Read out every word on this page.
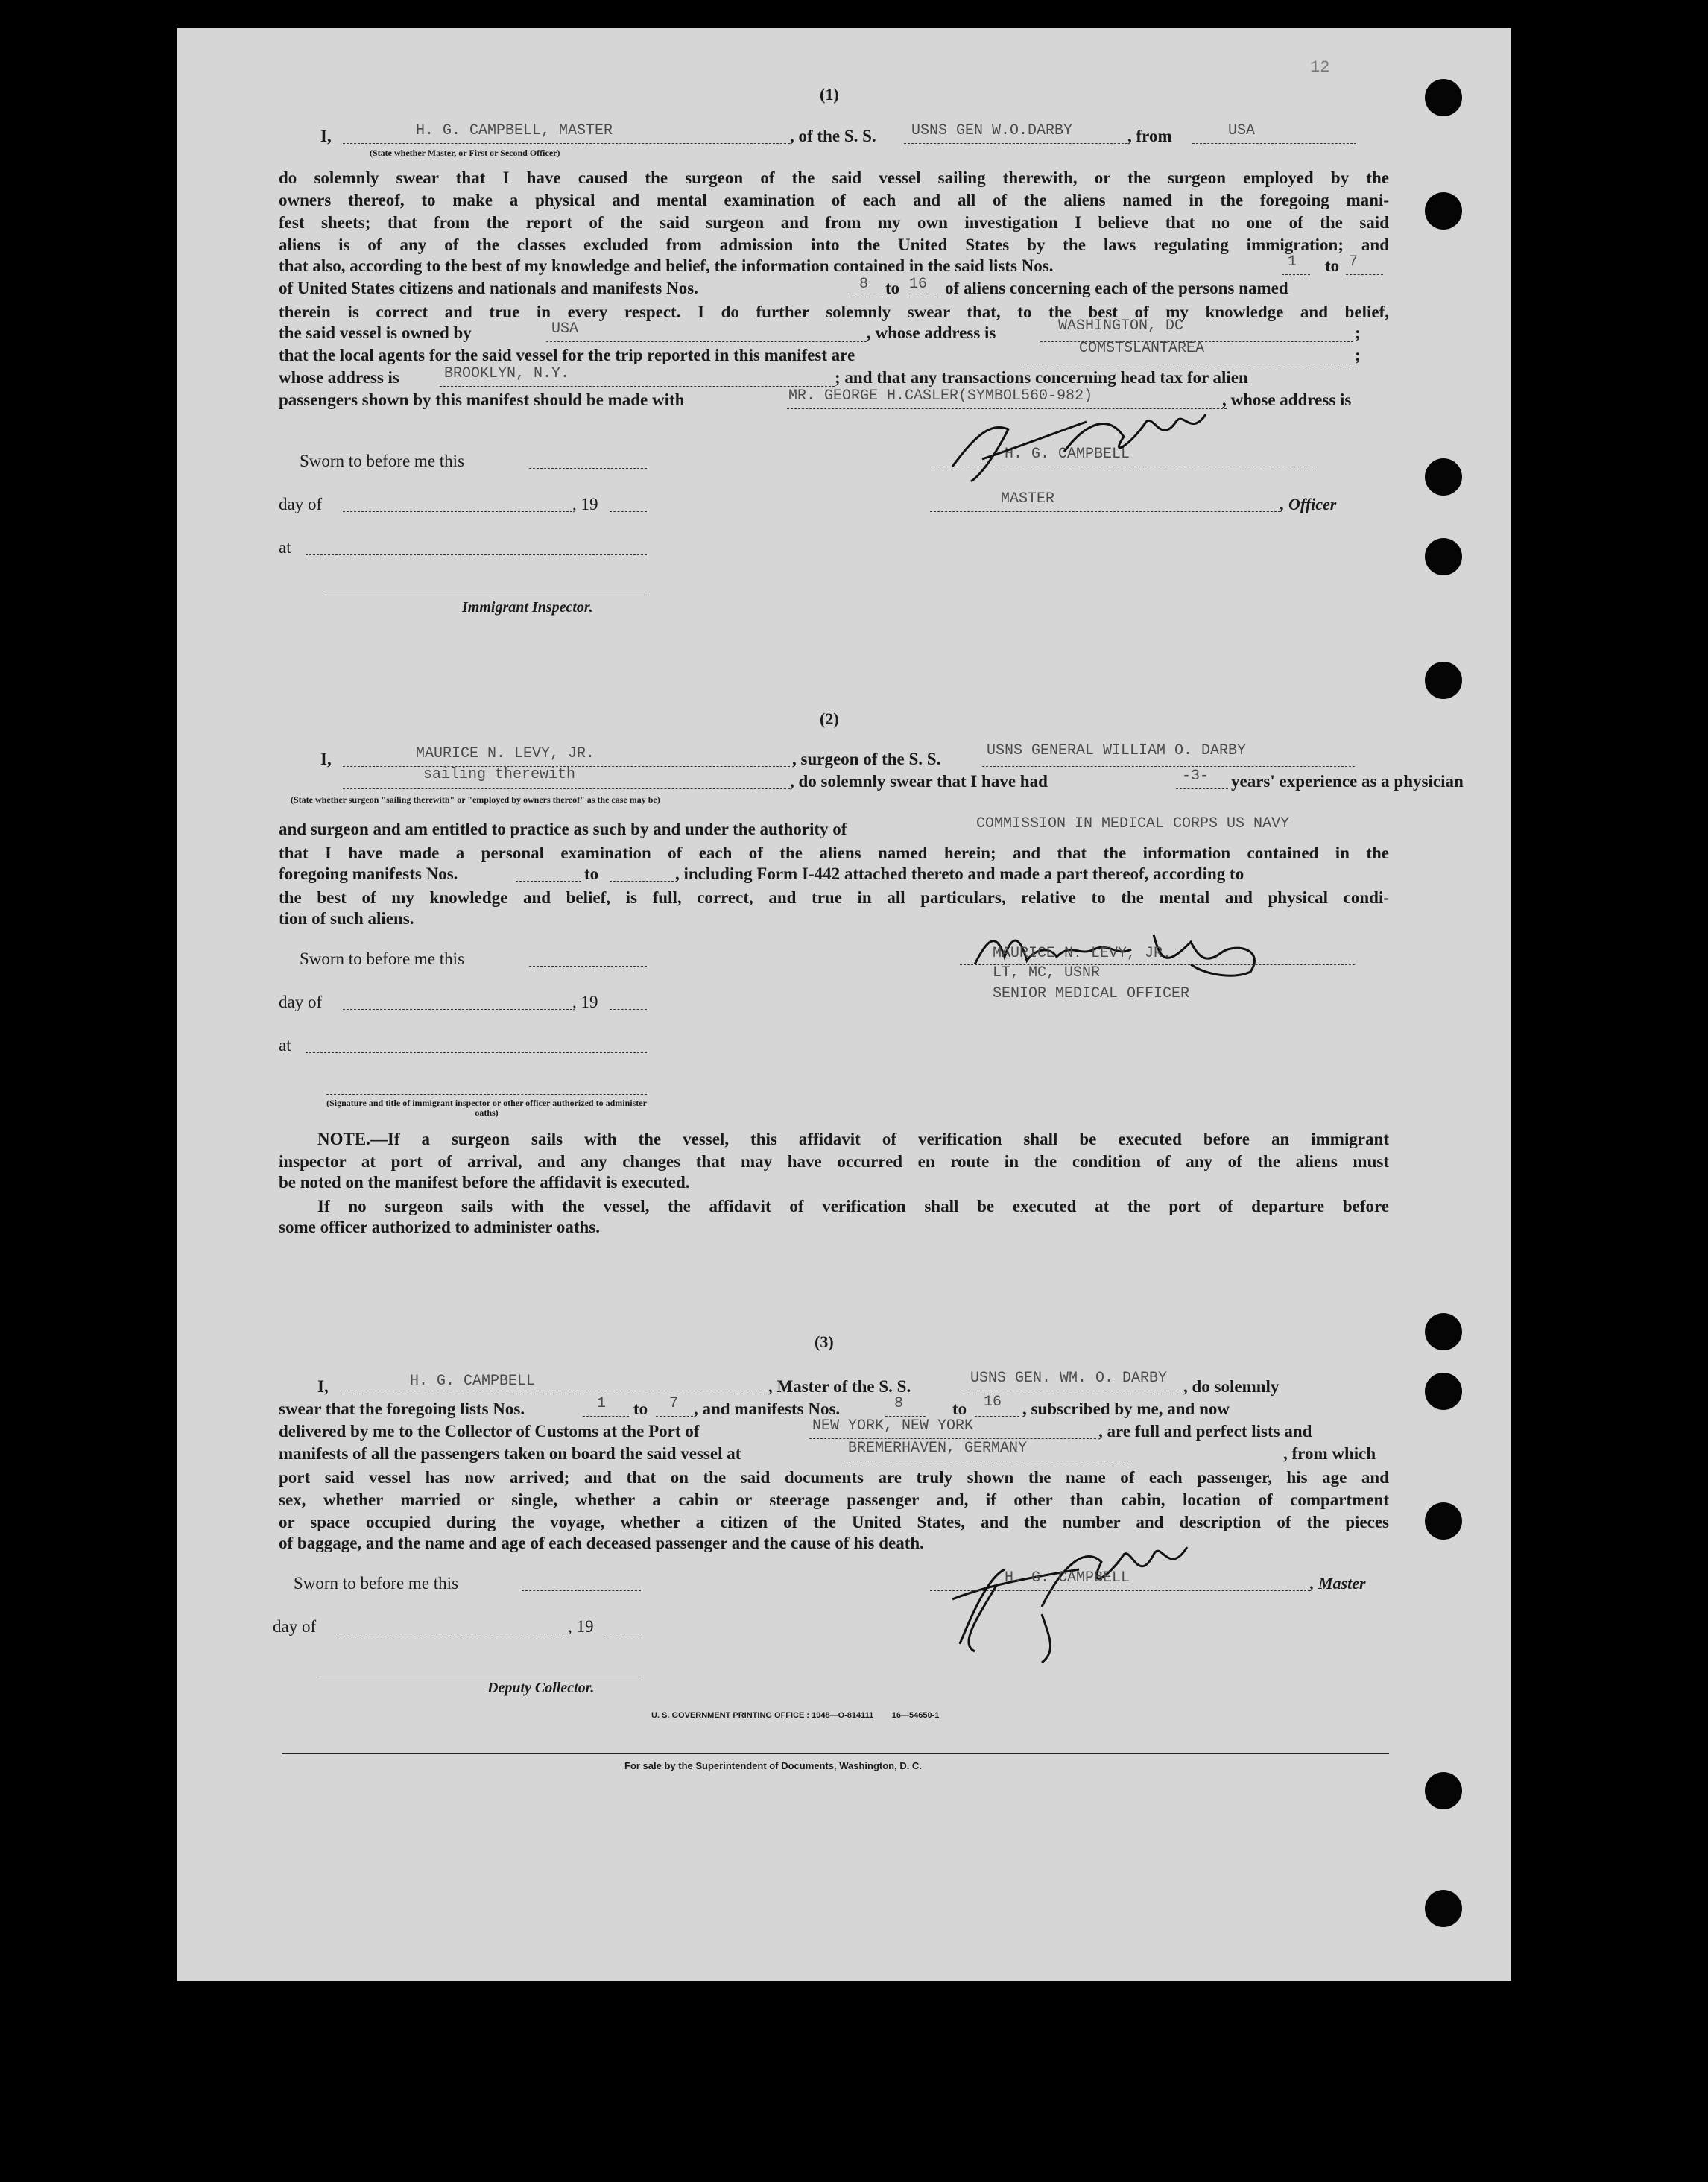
(1)
I,	H. G. CAMPBELL, MASTER	, of the S. S. USNS GEN W.O.DARBY	, from	USA
(State whether Master, or First or Second Officer)
do solemnly swear that I have caused the surgeon of the said vessel sailing therewith, or the surgeon employed by the
owners thereof, to make a physical and mental examination of each and all of the aliens named in the foregoing mani-
fest sheets; that from the report of the said surgeon and from my own investigation I believe that no one of the said
aliens is of any of the classes excluded from admission into the United States by the laws regulating immigration; and
that also, according to the best of my knowledge and belief, the information contained in the said lists Nos.	1 to 7
of United States citizens and nationals and manifests Nos.	8 to 16 of aliens concerning each of the persons named
therein is correct and true in every respect. I do further solemnly swear that, to the best of my knowledge and belief,
the said vessel is owned by	USA	, whose address is	WASHINGTON, DC	;
that the local agents for the said vessel for the trip reported in this manifest are	COMSTSLANTAREA	;
whose address is	BROOKLYN, N.Y.	; and that any transactions concerning head tax for alien
passengers shown by this manifest should be made with	MR. GEORGE H.CASLER(SYMBOL560-982)	, whose address is
Sworn to before me this
day of	, 19
at
Immigrant Inspector.
H. G. CAMPBELL
MASTER	, Officer
(2)
I,	MAURICE N. LEVY, JR.	, surgeon of the S. S.	USNS GENERAL WILLIAM O. DARBY
sailing therewith	, do solemnly swear that I have had	-3- years' experience as a physician
(State whether surgeon "sailing therewith" or "employed by owners thereof" as the case may be)
and surgeon and am entitled to practice as such by and under the authority of	COMMISSION IN MEDICAL CORPS US NAVY
that I have made a personal examination of each of the aliens named herein; and that the information contained in the
foregoing manifests Nos.	to	, including Form I-442 attached thereto and made a part thereof, according to
the best of my knowledge and belief, is full, correct, and true in all particulars, relative to the mental and physical condi-
tion of such aliens.
Sworn to before me this
day of	, 19
at
(Signature and title of immigrant inspector or other officer authorized to administer oaths)
MAURICE N. LEVY, JR.
LT, MC, USNR
SENIOR MEDICAL OFFICER
NOTE.—If a surgeon sails with the vessel, this affidavit of verification shall be executed before an immigrant
inspector at port of arrival, and any changes that may have occurred en route in the condition of any of the aliens must
be noted on the manifest before the affidavit is executed.
If no surgeon sails with the vessel, the affidavit of verification shall be executed at the port of departure before
some officer authorized to administer oaths.
(3)
I,	H. G. CAMPBELL	, Master of the S. S.	USNS GEN. WM. O. DARBY , do solemnly
swear that the foregoing lists Nos.	1 to 7 , and manifests Nos.	8	to 16 , subscribed by me, and now
delivered by me to the Collector of Customs at the Port of	NEW YORK, NEW YORK	, are full and perfect lists and
manifests of all the passengers taken on board the said vessel at	BREMERHAVEN, GERMANY	, from which
port said vessel has now arrived; and that on the said documents are truly shown the name of each passenger, his age and
sex, whether married or single, whether a cabin or steerage passenger and, if other than cabin, location of compartment
or space occupied during the voyage, whether a citizen of the United States, and the number and description of the pieces
of baggage, and the name and age of each deceased passenger and the cause of his death.
Sworn to before me this
day of	, 19
Deputy Collector.
H. G. CAMPBELL	, Master
U. S. GOVERNMENT PRINTING OFFICE : 1948—O-814111        16—54650-1
For sale by the Superintendent of Documents, Washington, D. C.
12
